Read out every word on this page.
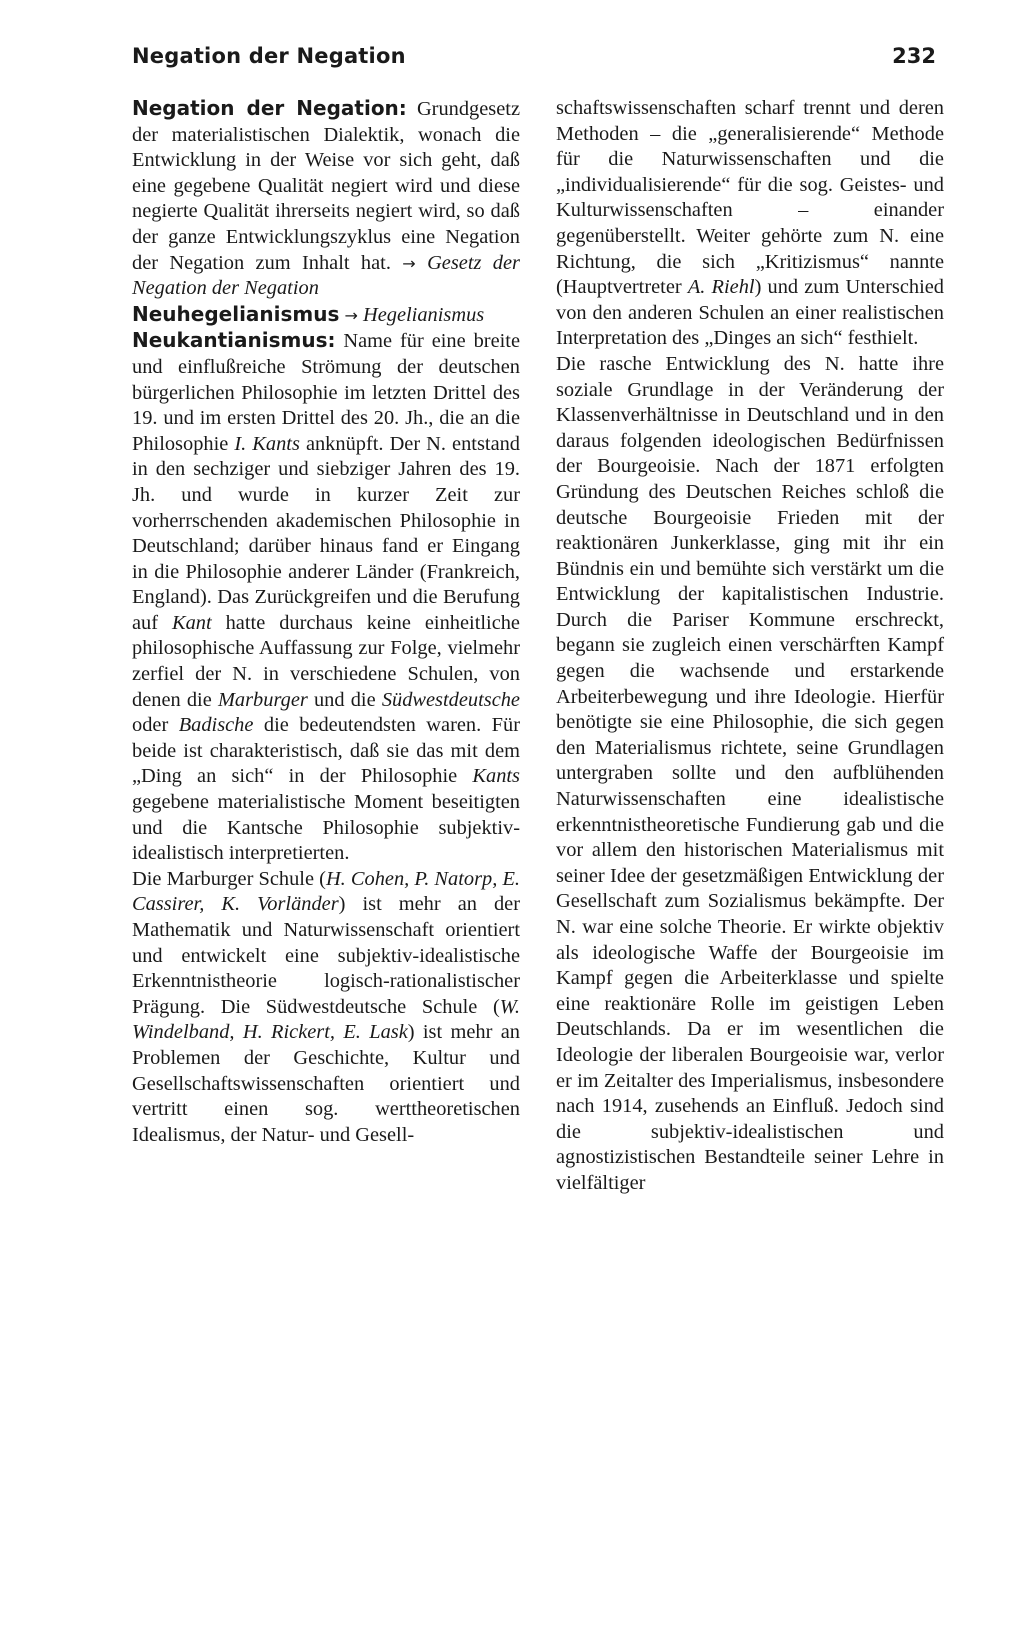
Negation der Negation	232

Negation der Negation: Grundgesetz der materialistischen Dialektik, wonach die Entwicklung in der Weise vor sich geht, daß eine gegebene Qualität negiert wird und diese negierte Qualität ihrerseits negiert wird, so daß der ganze Entwicklungszyklus eine Negation der Negation zum Inhalt hat. → Gesetz der Negation der Negation

Neuhegelianismus → Hegelianismus

Neukantianismus: Name für eine breite und einflußreiche Strömung der deutschen bürgerlichen Philosophie im letzten Drittel des 19. und im ersten Drittel des 20. Jh., die an die Philosophie I. Kants anknüpft. Der N. entstand in den sechziger und siebziger Jahren des 19. Jh. und wurde in kurzer Zeit zur vorherrschenden akademischen Philosophie in Deutschland; darüber hinaus fand er Eingang in die Philosophie anderer Länder (Frankreich, England). Das Zurückgreifen und die Berufung auf Kant hatte durchaus keine einheitliche philosophische Auffassung zur Folge, vielmehr zerfiel der N. in verschiedene Schulen, von denen die Marburger und die Südwestdeutsche oder Badische die bedeutendsten waren. Für beide ist charakteristisch, daß sie das mit dem „Ding an sich“ in der Philosophie Kants gegebene materialistische Moment beseitigten und die Kantsche Philosophie subjektiv-idealistisch interpretierten.

Die Marburger Schule (H. Cohen, P. Natorp, E. Cassirer, K. Vorländer) ist mehr an der Mathematik und Naturwissenschaft orientiert und entwickelt eine subjektiv-idealistische Erkenntnistheorie logisch-rationalistischer Prägung. Die Südwestdeutsche Schule (W. Windelband, H. Rickert, E. Lask) ist mehr an Problemen der Geschichte, Kultur und Gesellschaftswissenschaften orientiert und vertritt einen sog. werttheoretischen Idealismus, der Natur- und Gesell-

schaftswissenschaften scharf trennt und deren Methoden – die „generalisierende“ Methode für die Naturwissenschaften und die „individualisierende“ für die sog. Geistes- und Kulturwissenschaften – einander gegenüberstellt. Weiter gehörte zum N. eine Richtung, die sich „Kritizismus“ nannte (Hauptvertreter A. Riehl) und zum Unterschied von den anderen Schulen an einer realistischen Interpretation des „Dinges an sich“ festhielt.

Die rasche Entwicklung des N. hatte ihre soziale Grundlage in der Veränderung der Klassenverhältnisse in Deutschland und in den daraus folgenden ideologischen Bedürfnissen der Bourgeoisie. Nach der 1871 erfolgten Gründung des Deutschen Reiches schloß die deutsche Bourgeoisie Frieden mit der reaktionären Junkerklasse, ging mit ihr ein Bündnis ein und bemühte sich verstärkt um die Entwicklung der kapitalistischen Industrie. Durch die Pariser Kommune erschreckt, begann sie zugleich einen verschärften Kampf gegen die wachsende und erstarkende Arbeiterbewegung und ihre Ideologie. Hierfür benötigte sie eine Philosophie, die sich gegen den Materialismus richtete, seine Grundlagen untergraben sollte und den aufblühenden Naturwissenschaften eine idealistische erkenntnistheoretische Fundierung gab und die vor allem den historischen Materialismus mit seiner Idee der gesetzmäßigen Entwicklung der Gesellschaft zum Sozialismus bekämpfte. Der N. war eine solche Theorie. Er wirkte objektiv als ideologische Waffe der Bourgeoisie im Kampf gegen die Arbeiterklasse und spielte eine reaktionäre Rolle im geistigen Leben Deutschlands. Da er im wesentlichen die Ideologie der liberalen Bourgeoisie war, verlor er im Zeitalter des Imperialismus, insbesondere nach 1914, zusehends an Einfluß. Jedoch sind die subjektiv-idealistischen und agnostizistischen Bestandteile seiner Lehre in vielfältiger
